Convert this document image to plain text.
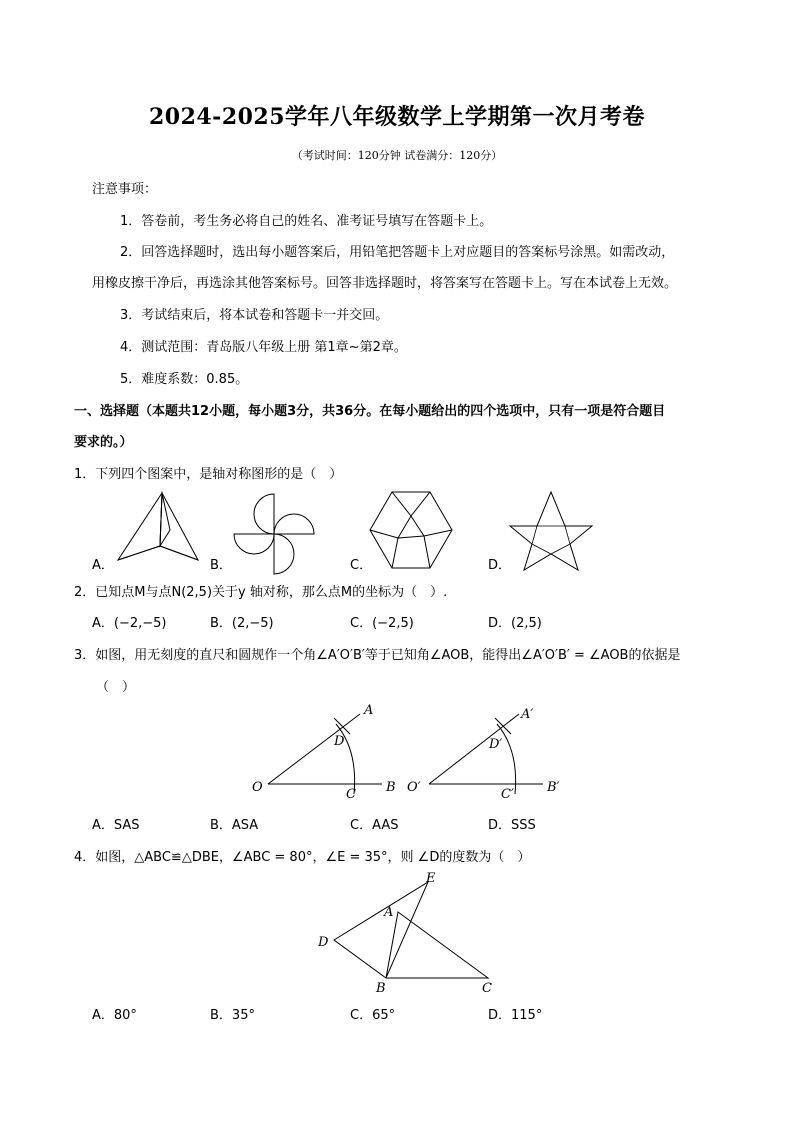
2024-2025学年八年级数学上学期第一次月考卷
（考试时间：120分钟 试卷满分：120分）
注意事项：
1．答卷前，考生务必将自己的姓名、准考证号填写在答题卡上。
2．回答选择题时，选出每小题答案后，用铅笔把答题卡上对应题目的答案标号涂黑。如需改动，
用橡皮擦干净后，再选涂其他答案标号。回答非选择题时，将答案写在答题卡上。写在本试卷上无效。
3．考试结束后，将本试卷和答题卡一并交回。
4．测试范围：青岛版八年级上册 第1章~第2章。
5．难度系数：0.85。
一、选择题（本题共12小题，每小题3分，共36分。在每小题给出的四个选项中，只有一项是符合题目
要求的。）
1．下列四个图案中，是轴对称图形的是（　）
A．	B．	C．	D．
2．已知点M与点N(2,5)关于y 轴对称，那么点M的坐标为（　）.
A．(−2,−5)	B．(2,−5)	C．(−2,5)	D．(2,5)
3．如图，用无刻度的直尺和圆规作一个角∠A′O′B′等于已知角∠AOB，能得出∠A′O′B′ = ∠AOB的依据是
（　）
A
D
O	C B
A′
D′
O′	C′	B′
A．SAS	B．ASA	C．AAS	D．SSS
4．如图，△ABC≌△DBE，∠ABC = 80°，∠E = 35°，则 ∠D的度数为（　）
E
A
D
B	C
A．80°	B．35°	C．65°	D．115°
